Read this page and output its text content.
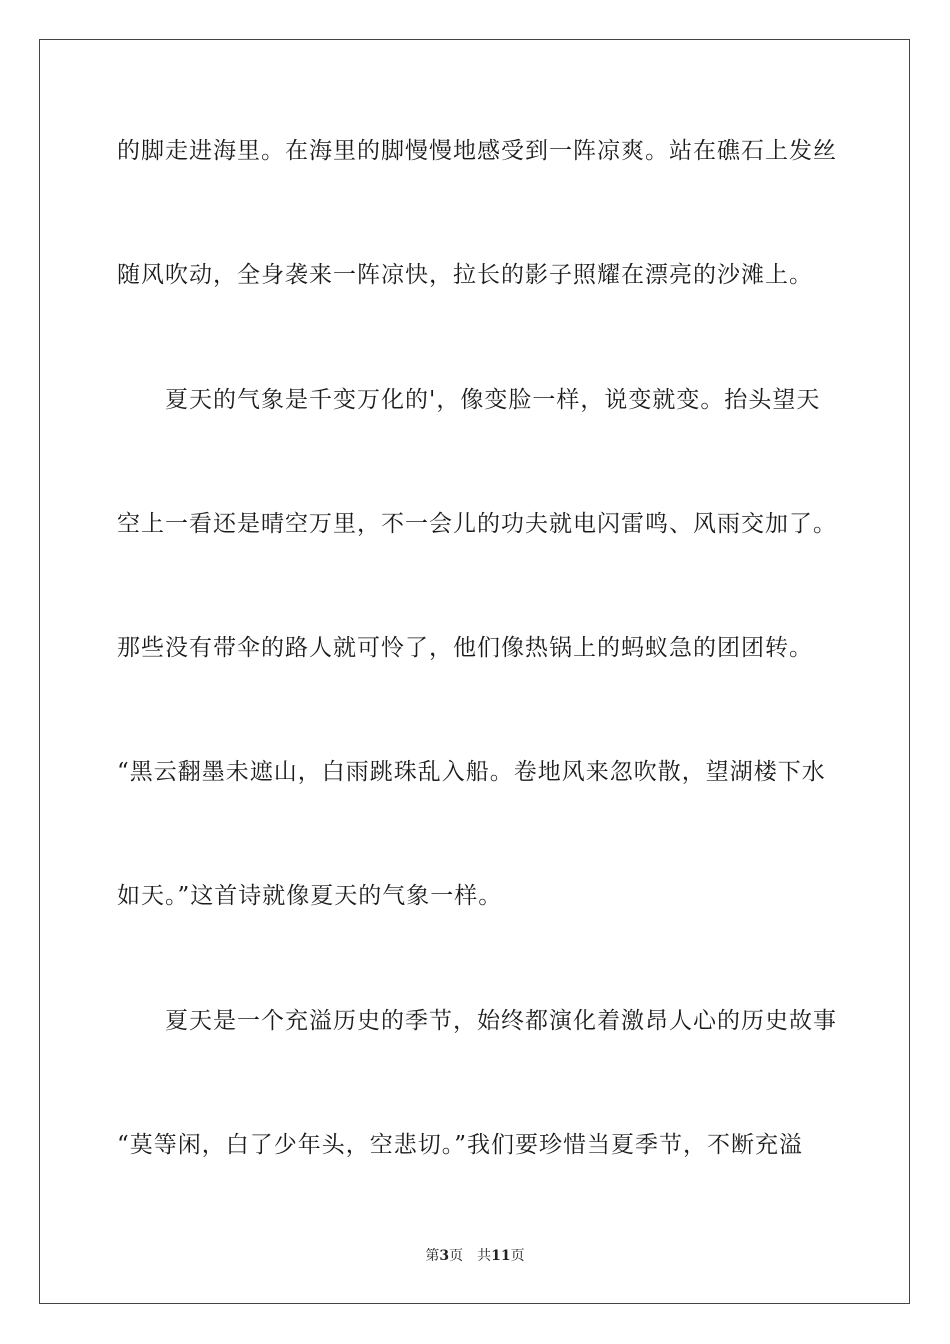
的脚走进海里。在海里的脚慢慢地感受到一阵凉爽。站在礁石上发丝
随风吹动，全身袭来一阵凉快，拉长的影子照耀在漂亮的沙滩上。
夏天的气象是千变万化的'，像变脸一样，说变就变。抬头望天
空上一看还是晴空万里，不一会儿的功夫就电闪雷鸣、风雨交加了。
那些没有带伞的路人就可怜了，他们像热锅上的蚂蚁急的团团转。
“黑云翻墨未遮山，白雨跳珠乱入船。卷地风来忽吹散，望湖楼下水
如天。”这首诗就像夏天的气象一样。
夏天是一个充溢历史的季节，始终都演化着激昂人心的历史故事
“莫等闲，白了少年头，空悲切。”我们要珍惜当夏季节，不断充溢
第3页 共11页
